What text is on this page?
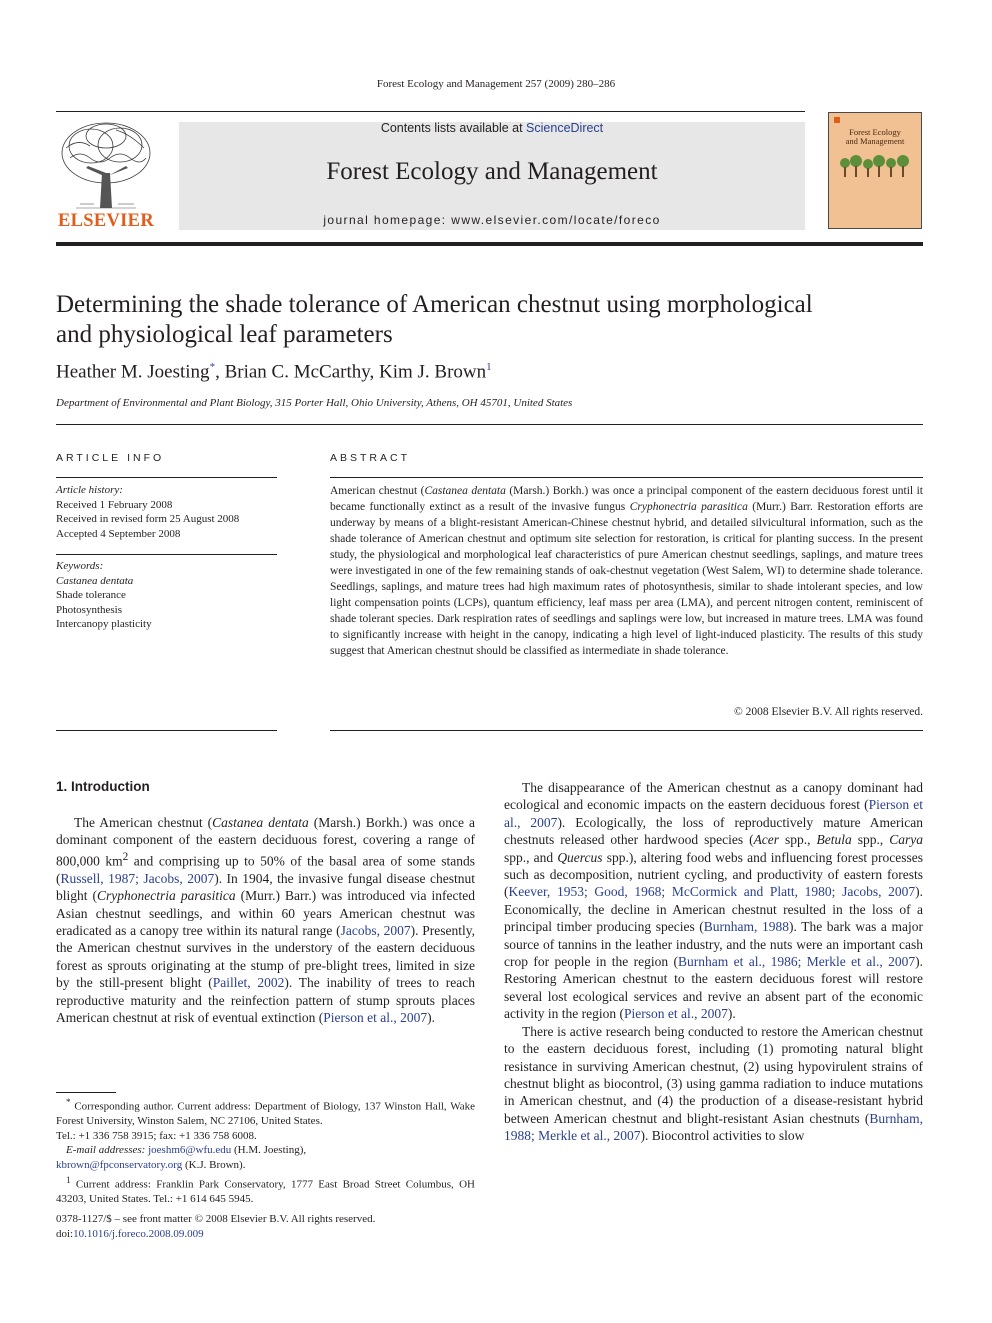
Forest Ecology and Management 257 (2009) 280–286
ELSEVIER
Contents lists available at ScienceDirect
Forest Ecology and Management
journal homepage: www.elsevier.com/locate/foreco
Forest Ecology
and Management
Determining the shade tolerance of American chestnut using morphological
and physiological leaf parameters
Heather M. Joesting*, Brian C. McCarthy, Kim J. Brown$^1$
Department of Environmental and Plant Biology, 315 Porter Hall, Ohio University, Athens, OH 45701, United States
ARTICLE INFO
Article history:
Received 1 February 2008
Received in revised form 25 August 2008
Accepted 4 September 2008
Keywords:
Castanea dentata
Shade tolerance
Photosynthesis
Intercanopy plasticity
ABSTRACT
American chestnut (Castanea dentata (Marsh.) Borkh.) was once a principal component of the eastern deciduous forest until it became functionally extinct as a result of the invasive fungus Cryphonectria parasitica (Murr.) Barr. Restoration efforts are underway by means of a blight-resistant American-Chinese chestnut hybrid, and detailed silvicultural information, such as the shade tolerance of American chestnut and optimum site selection for restoration, is critical for planting success. In the present study, the physiological and morphological leaf characteristics of pure American chestnut seedlings, saplings, and mature trees were investigated in one of the few remaining stands of oak-chestnut vegetation (West Salem, WI) to determine shade tolerance. Seedlings, saplings, and mature trees had high maximum rates of photosynthesis, similar to shade intolerant species, and low light compensation points (LCPs), quantum efficiency, leaf mass per area (LMA), and percent nitrogen content, reminiscent of shade tolerant species. Dark respiration rates of seedlings and saplings were low, but increased in mature trees. LMA was found to significantly increase with height in the canopy, indicating a high level of light-induced plasticity. The results of this study suggest that American chestnut should be classified as intermediate in shade tolerance.
© 2008 Elsevier B.V. All rights reserved.
1. Introduction

The American chestnut (Castanea dentata (Marsh.) Borkh.) was once a dominant component of the eastern deciduous forest, covering a range of 800,000 $km^2$ and comprising up to 50% of the basal area of some stands (Russell, 1987; Jacobs, 2007). In 1904, the invasive fungal disease chestnut blight (Cryphonectria parasitica (Murr.) Barr.) was introduced via infected Asian chestnut seedlings, and within 60 years American chestnut was eradicated as a canopy tree within its natural range (Jacobs, 2007). Presently, the American chestnut survives in the understory of the eastern deciduous forest as sprouts originating at the stump of pre-blight trees, limited in size by the still-present blight (Paillet, 2002). The inability of trees to reach reproductive maturity and the reinfection pattern of stump sprouts places American chestnut at risk of eventual extinction (Pierson et al., 2007).

The disappearance of the American chestnut as a canopy dominant had ecological and economic impacts on the eastern deciduous forest (Pierson et al., 2007). Ecologically, the loss of reproductively mature American chestnuts released other hardwood species (Acer spp., Betula spp., Carya spp., and Quercus spp.), altering food webs and influencing forest processes such as decomposition, nutrient cycling, and productivity of eastern forests (Keever, 1953; Good, 1968; McCormick and Platt, 1980; Jacobs, 2007). Economically, the decline in American chestnut resulted in the loss of a principal timber producing species (Burnham, 1988). The bark was a major source of tannins in the leather industry, and the nuts were an important cash crop for people in the region (Burnham et al., 1986; Merkle et al., 2007). Restoring American chestnut to the eastern deciduous forest will restore several lost ecological services and revive an absent part of the economic activity in the region (Pierson et al., 2007).

There is active research being conducted to restore the American chestnut to the eastern deciduous forest, including (1) promoting natural blight resistance in surviving American chestnut, (2) using hypovirulent strains of chestnut blight as biocontrol, (3) using gamma radiation to induce mutations in American chestnut, and (4) the production of a disease-resistant hybrid between American chestnut and blight-resistant Asian chestnuts (Burnham, 1988; Merkle et al., 2007). Biocontrol activities to slow

* Corresponding author. Current address: Department of Biology, 137 Winston Hall, Wake Forest University, Winston Salem, NC 27106, United States.

Tel.: +1 336 758 3915; fax: +1 336 758 6008.

E-mail addresses: joeshm6@wfu.edu (H.M. Joesting),

kbrown@fpconservatory.org (K.J. Brown).

$^1$ Current address: Franklin Park Conservatory, 1777 East Broad Street Columbus, OH 43203, United States. Tel.: +1 614 645 5945.

0378-1127/$ – see front matter © 2008 Elsevier B.V. All rights reserved.
doi:10.1016/j.foreco.2008.09.009
